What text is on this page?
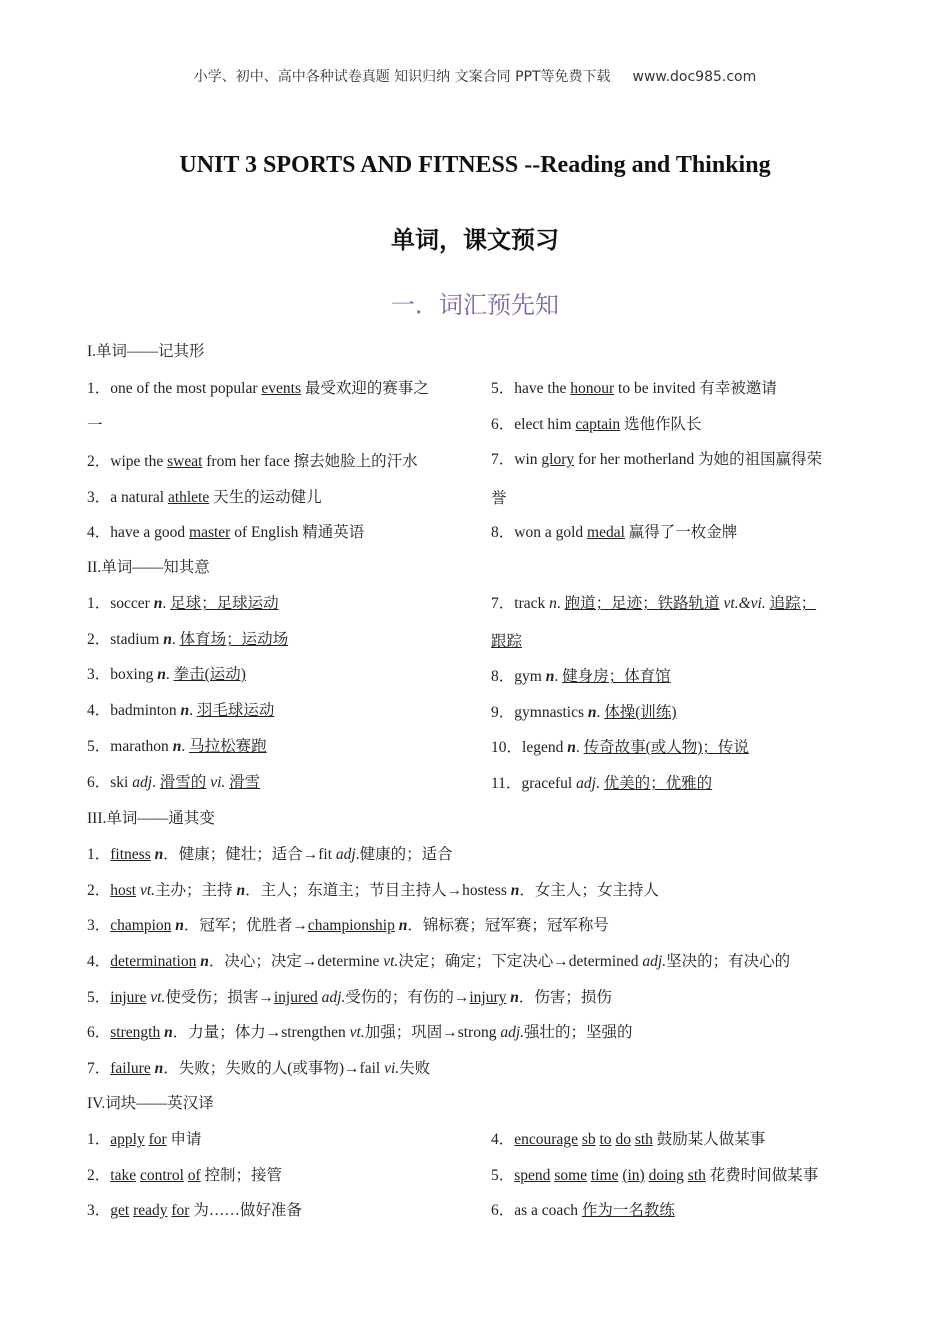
小学、初中、高中各种试卷真题 知识归纳 文案合同 PPT等免费下载 www.doc985.com
UNIT 3 SPORTS AND FITNESS --Reading and Thinking
单词，课文预习
一．词汇预先知
I.单词——记其形
1．one of the most popular events 最受欢迎的赛事之
一
2．wipe the sweat from her face 擦去她脸上的汗水
3．a natural athlete 天生的运动健儿
4．have a good master of English 精通英语
5．have the honour to be invited 有幸被邀请
6．elect him captain 选他作队长
7．win glory for her motherland 为她的祖国赢得荣
誉
8．won a gold medal 赢得了一枚金牌
II.单词——知其意
1．soccer n. 足球；足球运动
2．stadium n. 体育场；运动场
3．boxing n. 拳击(运动)
4．badminton n. 羽毛球运动
5．marathon n. 马拉松赛跑
6．ski adj. 滑雪的 vi. 滑雪
7．track n. 跑道；足迹；铁路轨道 vt.&vi. 追踪；
跟踪
8．gym n. 健身房；体育馆
9．gymnastics n. 体操(训练)
10．legend n. 传奇故事(或人物)；传说
11．graceful adj. 优美的；优雅的
III.单词——通其变
1．fitness n．健康；健壮；适合→fit adj.健康的；适合
2．host vt.主办；主持 n．主人；东道主；节目主持人→hostess n．女主人；女主持人
3．champion n．冠军；优胜者→championship n．锦标赛；冠军赛；冠军称号
4．determination n．决心；决定→determine vt.决定；确定；下定决心→determined adj.坚决的；有决心的
5．injure vt.使受伤；损害→injured adj.受伤的；有伤的→injury n．伤害；损伤
6．strength n．力量；体力→strengthen vt.加强；巩固→strong adj.强壮的；坚强的
7．failure n．失败；失败的人(或事物)→fail vi.失败
IV.词块——英汉译
1．apply for 申请
2．take control of 控制；接管
3．get ready for 为……做好准备
4．encourage sb to do sth 鼓励某人做某事
5．spend some time (in) doing sth 花费时间做某事
6．as a coach 作为一名教练
